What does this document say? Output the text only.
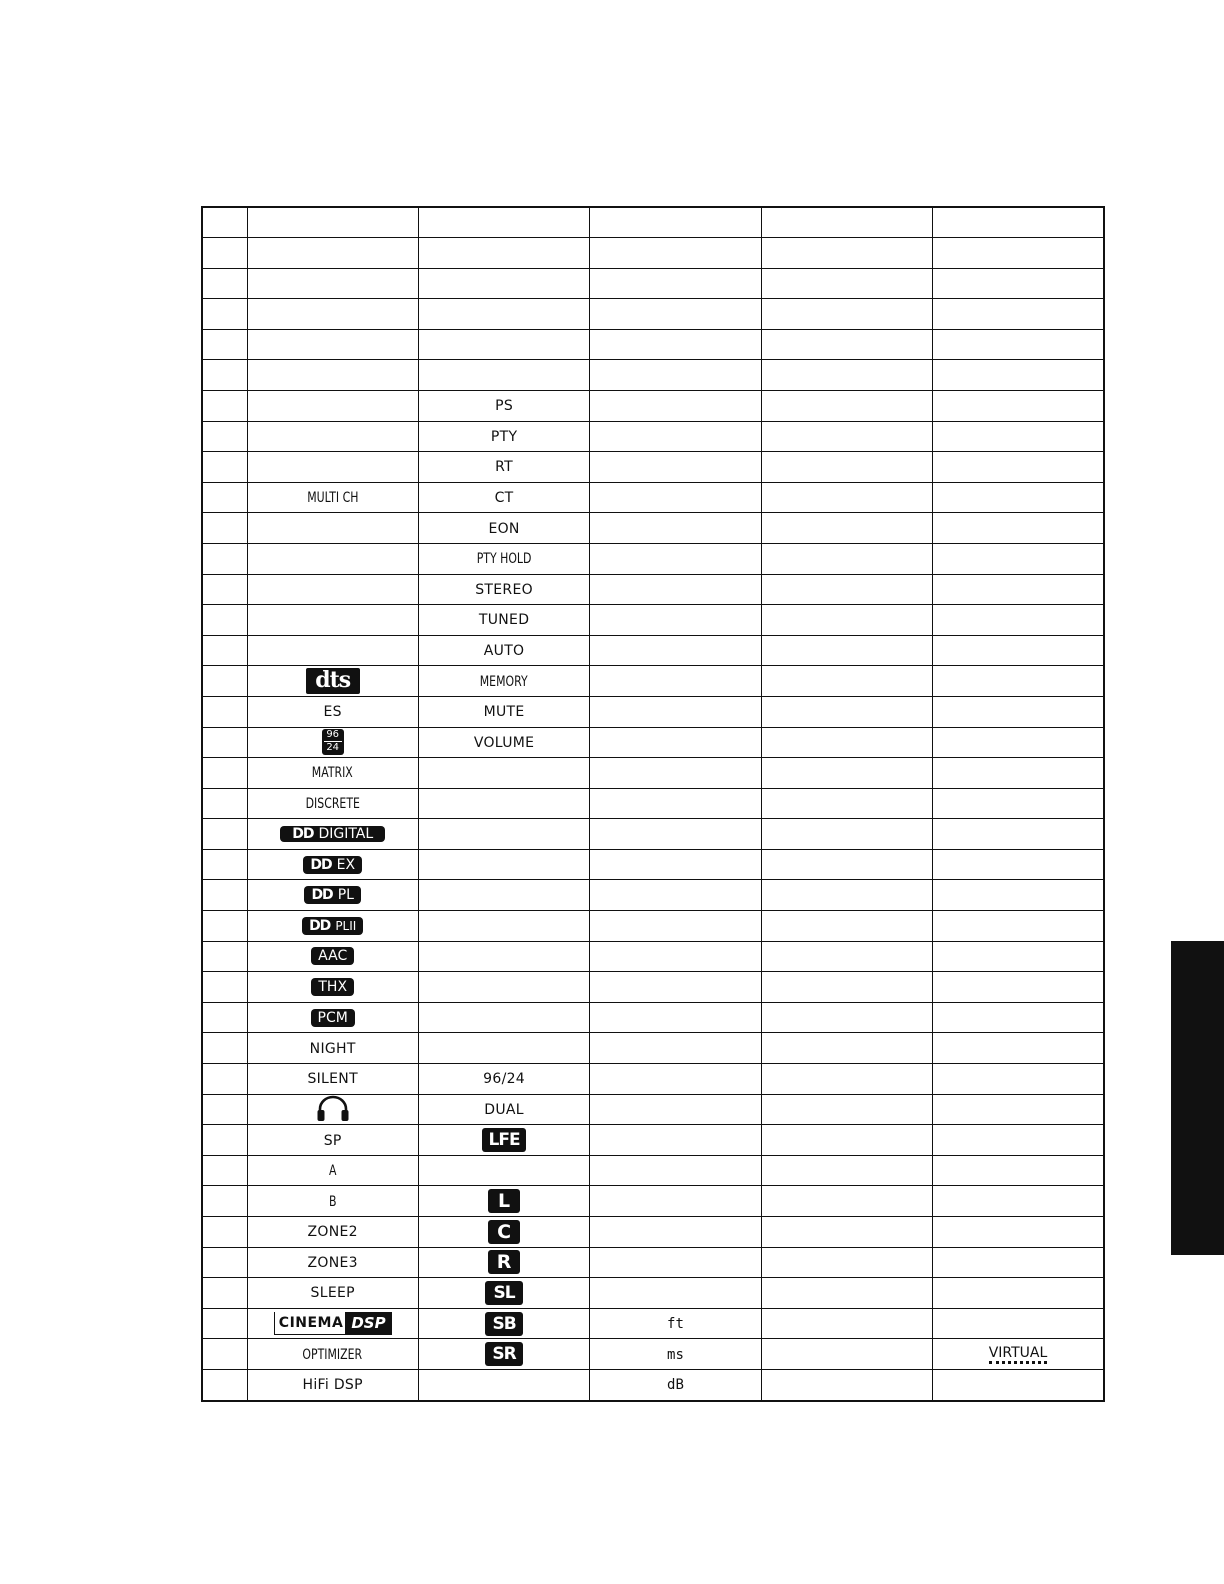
		PS			
		PTY			
		RT			
	MULTI CH	CT			
		EON			
		PTY HOLD			
		STEREO			
		TUNED			
		AUTO			
	dts	MEMORY			
	ES	MUTE			

	$\frac{96}{24}$	VOLUME			
	MATRIX				
	DISCRETE				
	DD DIGITAL				
	DD EX				
	DD PL				
	DD PLII				
	AAC				
	THX				
	PCM				
	NIGHT				
	SILENT	96/24			
		DUAL			
	SP	LFE			
	A				
	B	L			
	ZONE2	C			
	ZONE3	R			
	SLEEP	SL			

	CINEMA DSP	SB	ft		
	OPTIMIZER	SR	ms		VIRTUAL
	HiFi DSP		dB		
